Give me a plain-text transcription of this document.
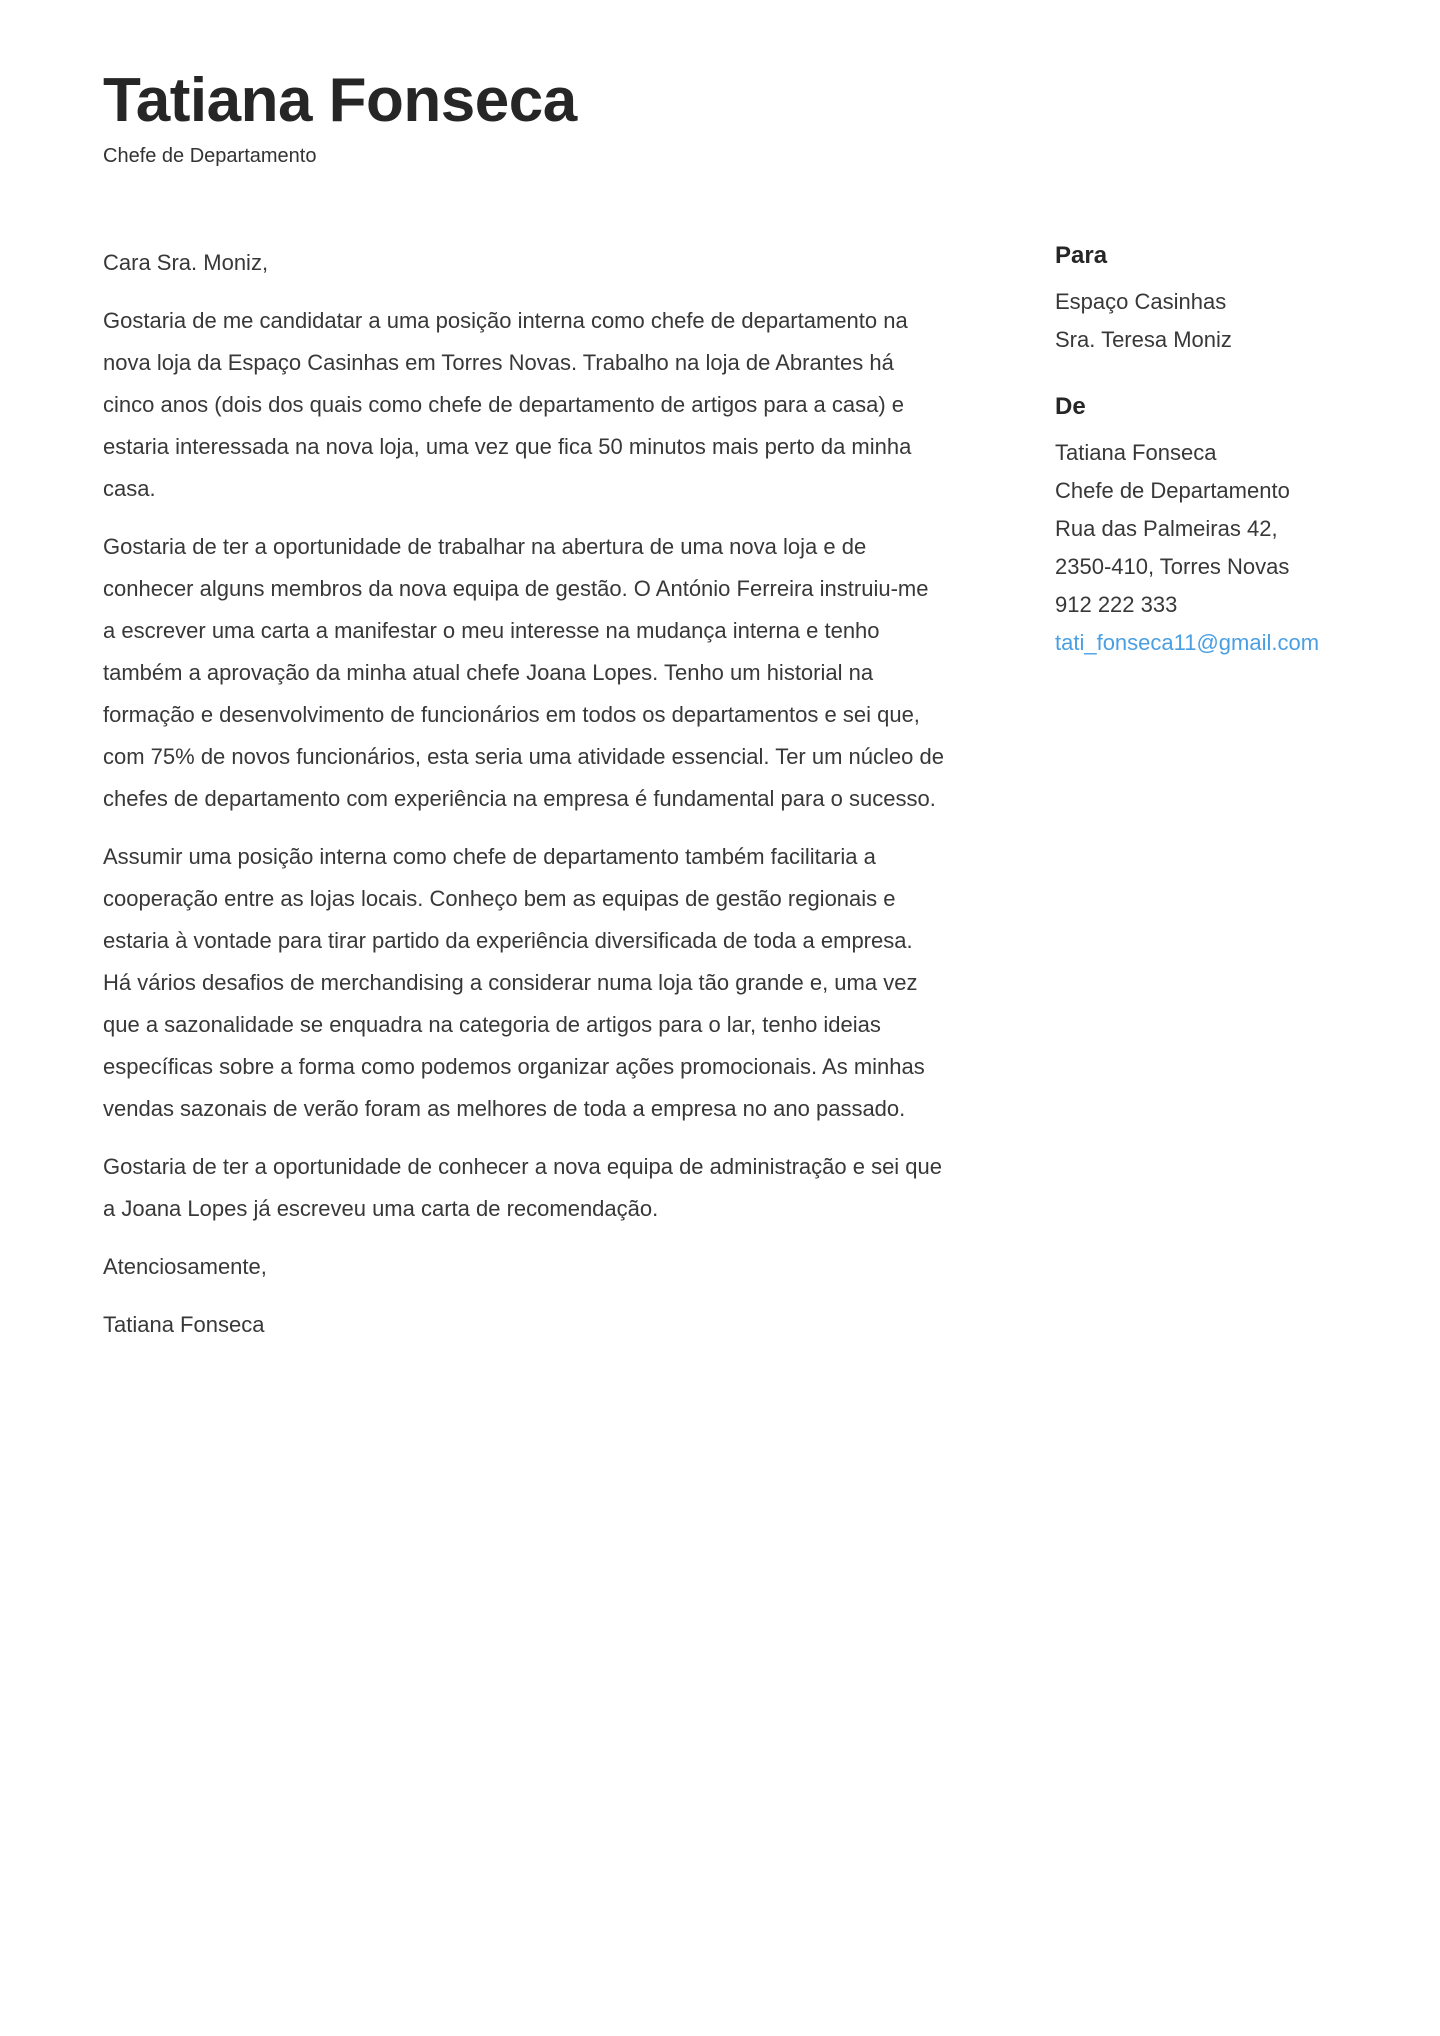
Tatiana Fonseca
Chefe de Departamento

Cara Sra. Moniz,

Gostaria de me candidatar a uma posição interna como chefe de departamento na nova loja da Espaço Casinhas em Torres Novas. Trabalho na loja de Abrantes há cinco anos (dois dos quais como chefe de departamento de artigos para a casa) e estaria interessada na nova loja, uma vez que fica 50 minutos mais perto da minha casa.

Gostaria de ter a oportunidade de trabalhar na abertura de uma nova loja e de conhecer alguns membros da nova equipa de gestão. O António Ferreira instruiu-me a escrever uma carta a manifestar o meu interesse na mudança interna e tenho também a aprovação da minha atual chefe Joana Lopes. Tenho um historial na formação e desenvolvimento de funcionários em todos os departamentos e sei que, com 75% de novos funcionários, esta seria uma atividade essencial. Ter um núcleo de chefes de departamento com experiência na empresa é fundamental para o sucesso.

Assumir uma posição interna como chefe de departamento também facilitaria a cooperação entre as lojas locais. Conheço bem as equipas de gestão regionais e estaria à vontade para tirar partido da experiência diversificada de toda a empresa. Há vários desafios de merchandising a considerar numa loja tão grande e, uma vez que a sazonalidade se enquadra na categoria de artigos para o lar, tenho ideias específicas sobre a forma como podemos organizar ações promocionais. As minhas vendas sazonais de verão foram as melhores de toda a empresa no ano passado.

Gostaria de ter a oportunidade de conhecer a nova equipa de administração e sei que a Joana Lopes já escreveu uma carta de recomendação.

Atenciosamente,

Tatiana Fonseca

Para
Espaço Casinhas
Sra. Teresa Moniz
De
Tatiana Fonseca
Chefe de Departamento
Rua das Palmeiras 42,
2350-410, Torres Novas
912 222 333
tati_fonseca11@gmail.com
